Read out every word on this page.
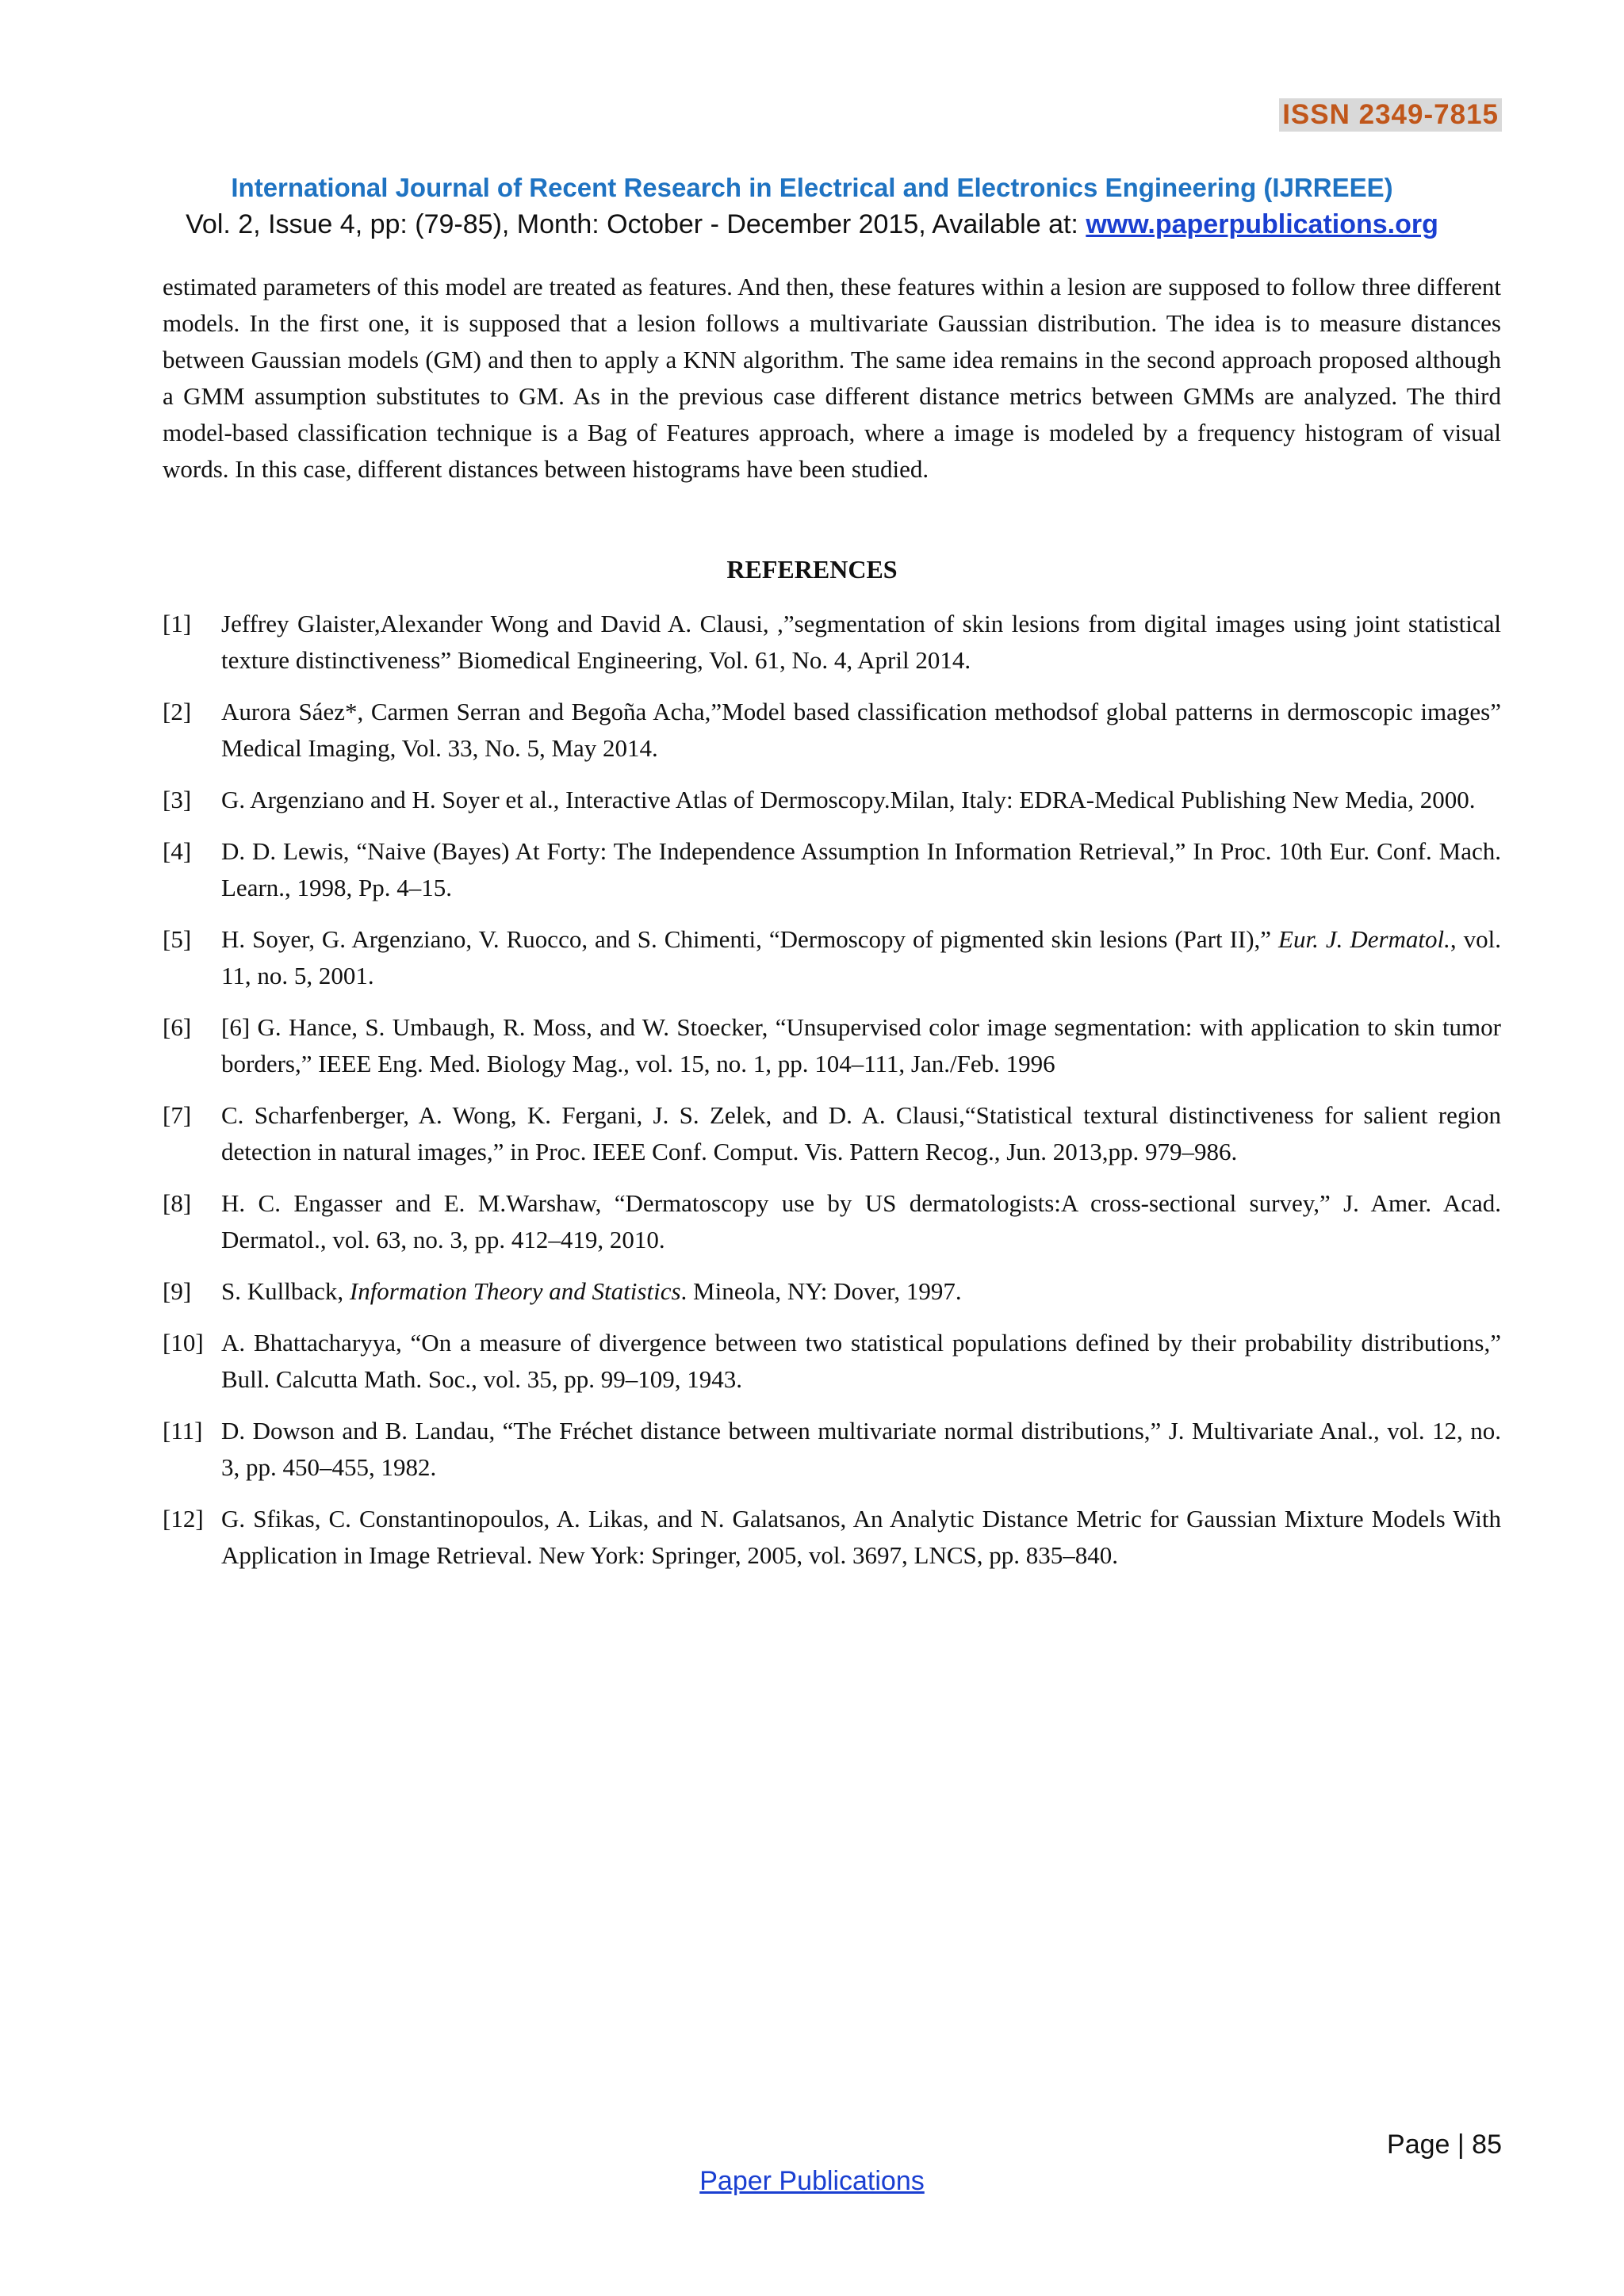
ISSN 2349-7815
International Journal of Recent Research in Electrical and Electronics Engineering (IJRREEE)
Vol. 2, Issue 4, pp: (79-85), Month: October - December 2015, Available at: www.paperpublications.org
estimated parameters of this model are treated as features. And then, these features within a lesion are supposed to follow three different models. In the first one, it is supposed that a lesion follows a multivariate Gaussian distribution. The idea is to measure distances between Gaussian models (GM) and then to apply a KNN algorithm. The same idea remains in the second approach proposed although a GMM assumption substitutes to GM. As in the previous case different distance metrics between GMMs are analyzed. The third model-based classification technique is a Bag of Features approach, where a image is modeled by a frequency histogram of visual words. In this case, different distances between histograms have been studied.
REFERENCES
[1]	Jeffrey Glaister,Alexander Wong and David A. Clausi, ,”segmentation of skin lesions from digital images using joint statistical texture distinctiveness” Biomedical Engineering, Vol. 61, No. 4, April 2014.
[2]	Aurora Sáez*, Carmen Serran and Begoña Acha,”Model based classification methodsof global patterns in dermoscopic images” Medical Imaging, Vol. 33, No. 5, May 2014.
[3]	G. Argenziano and H. Soyer et al., Interactive Atlas of Dermoscopy.Milan, Italy: EDRA-Medical Publishing New Media, 2000.
[4]	D. D. Lewis, “Naive (Bayes) At Forty: The Independence Assumption In Information Retrieval,” In Proc. 10th Eur. Conf. Mach. Learn., 1998, Pp. 4–15.
[5]	H. Soyer, G. Argenziano, V. Ruocco, and S. Chimenti, “Dermoscopy of pigmented skin lesions (Part II),” Eur. J. Dermatol., vol. 11, no. 5, 2001.
[6]	[6] G. Hance, S. Umbaugh, R. Moss, and W. Stoecker, “Unsupervised color image segmentation: with application to skin tumor borders,” IEEE Eng. Med. Biology Mag., vol. 15, no. 1, pp. 104–111, Jan./Feb. 1996
[7]	C. Scharfenberger, A. Wong, K. Fergani, J. S. Zelek, and D. A. Clausi,“Statistical textural distinctiveness for salient region detection in natural images,” in Proc. IEEE Conf. Comput. Vis. Pattern Recog., Jun. 2013,pp. 979–986.
[8]	H. C. Engasser and E. M.Warshaw, “Dermatoscopy use by US dermatologists:A cross-sectional survey,” J. Amer. Acad. Dermatol., vol. 63, no. 3, pp. 412–419, 2010.
[9]	S. Kullback, Information Theory and Statistics. Mineola, NY: Dover, 1997.
[10] A. Bhattacharyya, “On a measure of divergence between two statistical populations defined by their probability distributions,” Bull. Calcutta Math. Soc., vol. 35, pp. 99–109, 1943.
[11] D. Dowson and B. Landau, “The Fréchet distance between multivariate normal distributions,” J. Multivariate Anal., vol. 12, no. 3, pp. 450–455, 1982.
[12] G. Sfikas, C. Constantinopoulos, A. Likas, and N. Galatsanos, An Analytic Distance Metric for Gaussian Mixture Models With Application in Image Retrieval. New York: Springer, 2005, vol. 3697, LNCS, pp. 835–840.
Page | 85
Paper Publications
